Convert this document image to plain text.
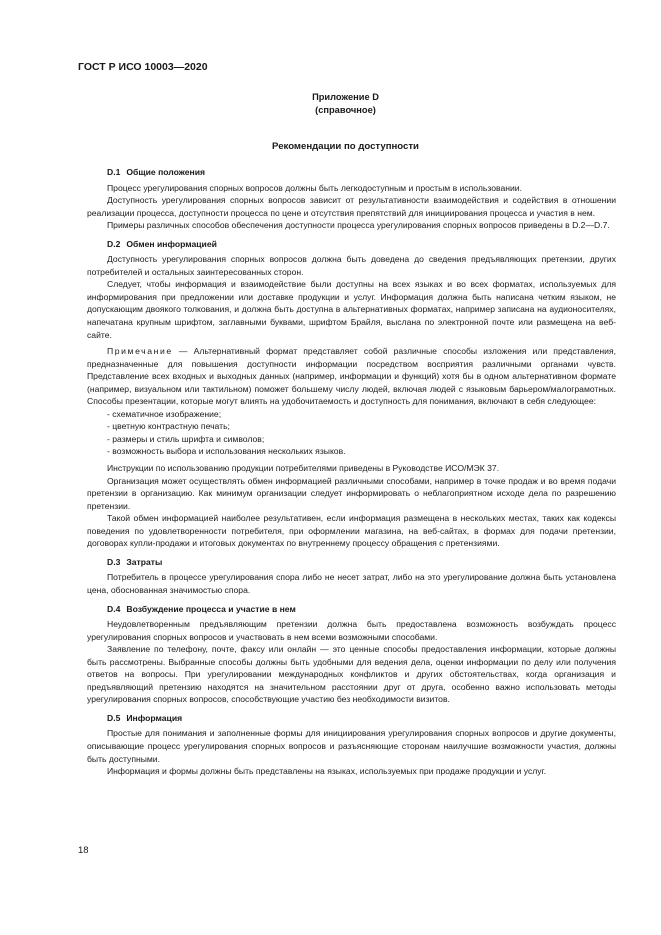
ГОСТ Р ИСО 10003—2020
Приложение D
(справочное)
Рекомендации по доступности
D.1 Общие положения

Процесс урегулирования спорных вопросов должны быть легкодоступным и простым в использовании.

Доступность урегулирования спорных вопросов зависит от результативности взаимодействия и содействия в отношении реализации процесса, доступности процесса по цене и отсутствия препятствий для инициирования процесса и участия в нем.

Примеры различных способов обеспечения доступности процесса урегулирования спорных вопросов приведены в D.2—D.7.

D.2 Обмен информацией

Доступность урегулирования спорных вопросов должна быть доведена до сведения предъявляющих претензии, других потребителей и остальных заинтересованных сторон.

Следует, чтобы информация и взаимодействие были доступны на всех языках и во всех форматах, используемых для информирования при предложении или доставке продукции и услуг. Информация должна быть написана четким языком, не допускающим двоякого толкования, и должна быть доступна в альтернативных форматах, например записана на аудионосителях, напечатана крупным шрифтом, заглавными буквами, шрифтом Брайля, выслана по электронной почте или размещена на веб-сайте.

Примечание — Альтернативный формат представляет собой различные способы изложения или представления, предназначенные для повышения доступности информации посредством восприятия различными органами чувств. Представление всех входных и выходных данных (например, информации и функций) хотя бы в одном альтернативном формате (например, визуальном или тактильном) поможет большему числу людей, включая людей с языковым барьером/малограмотных. Способы презентации, которые могут влиять на удобочитаемость и доступность для понимания, включают в себя следующее:

- схематичное изображение;
- цветную контрастную печать;
- размеры и стиль шрифта и символов;
- возможность выбора и использования нескольких языков.

Инструкции по использованию продукции потребителями приведены в Руководстве ИСО/МЭК 37.

Организация может осуществлять обмен информацией различными способами, например в точке продаж и во время подачи претензии в организацию. Как минимум организации следует информировать о неблагоприятном исходе дела по разрешению претензии.

Такой обмен информацией наиболее результативен, если информация размещена в нескольких местах, таких как кодексы поведения по удовлетворенности потребителя, при оформлении магазина, на веб-сайтах, в формах для подачи претензии, договорах купли-продажи и итоговых документах по внутреннему процессу обращения с претензиями.

D.3 Затраты

Потребитель в процессе урегулирования спора либо не несет затрат, либо на это урегулирование должна быть установлена цена, обоснованная значимостью спора.

D.4 Возбуждение процесса и участие в нем

Неудовлетворенным предъявляющим претензии должна быть предоставлена возможность возбуждать процесс урегулирования спорных вопросов и участвовать в нем всеми возможными способами.

Заявление по телефону, почте, факсу или онлайн — это ценные способы предоставления информации, которые должны быть рассмотрены. Выбранные способы должны быть удобными для ведения дела, оценки информации по делу или получения ответов на вопросы. При урегулировании международных конфликтов и других обстоятельствах, когда организация и предъявляющий претензию находятся на значительном расстоянии друг от друга, особенно важно использовать методы урегулирования спорных вопросов, способствующие участию без необходимости визитов.

D.5 Информация

Простые для понимания и заполненные формы для инициирования урегулирования спорных вопросов и другие документы, описывающие процесс урегулирования спорных вопросов и разъясняющие сторонам наилучшие возможности участия, должны быть доступными.

Информация и формы должны быть представлены на языках, используемых при продаже продукции и услуг.

18
